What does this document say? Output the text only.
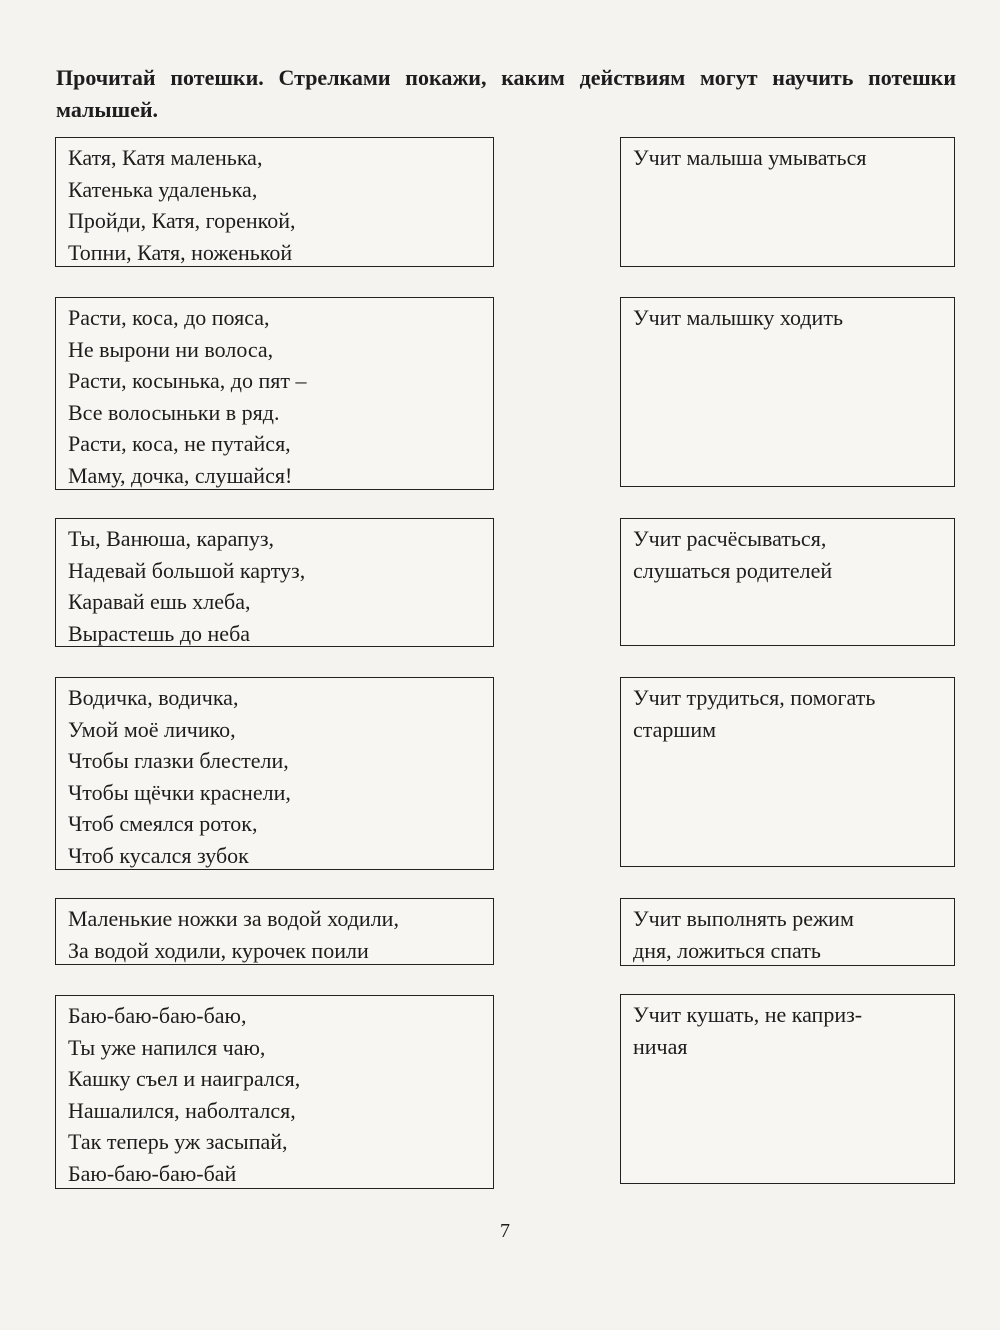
Прочитай потешки. Стрелками покажи, каким действиям могут научить потешки малышей.

Катя, Катя маленька,
Катенька удаленька,
Пройди, Катя, горенкой,
Топни, Катя, ноженькой
Расти, коса, до пояса,
Не вырони ни волоса,
Расти, косынька, до пят –
Все волосыньки в ряд.
Расти, коса, не путайся,
Маму, дочка, слушайся!
Ты, Ванюша, карапуз,
Надевай большой картуз,
Каравай ешь хлеба,
Вырастешь до неба
Водичка, водичка,
Умой моё личико,
Чтобы глазки блестели,
Чтобы щёчки краснели,
Чтоб смеялся роток,
Чтоб кусался зубок
Маленькие ножки за водой ходили,
За водой ходили, курочек поили
Баю-баю-баю-баю,
Ты уже напился чаю,
Кашку съел и наигрался,
Нашалился, наболтался,
Так теперь уж засыпай,
Баю-баю-баю-бай
Учит малыша умываться
Учит малышку ходить
Учит расчёсываться,
слушаться родителей
Учит трудиться, помогать
старшим
Учит выполнять режим
дня, ложиться спать
Учит кушать, не каприз-
ничая
7
